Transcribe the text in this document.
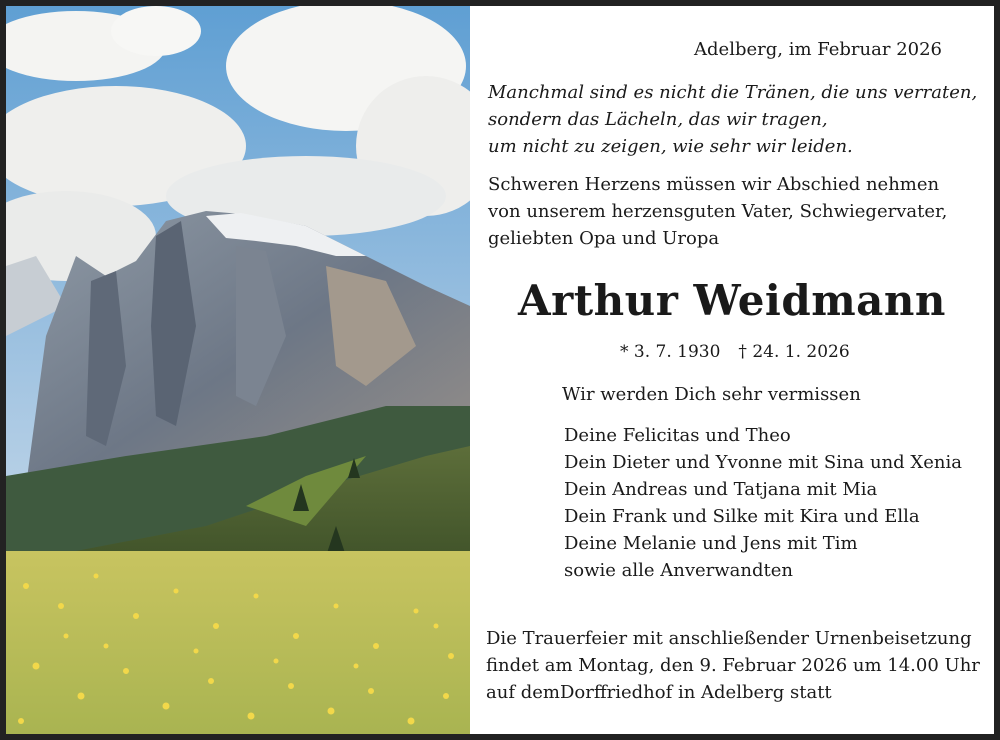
Adelberg, im Februar 2026
Manchmal sind es nicht die Tränen, die uns verraten,
sondern das Lächeln, das wir tragen,
um nicht zu zeigen, wie sehr wir leiden.
Schweren Herzens müssen wir Abschied nehmen
von unserem herzensguten Vater, Schwiegervater,
geliebten Opa und Uropa
Arthur Weidmann
* 3. 7. 1930 † 24. 1. 2026
Wir werden Dich sehr vermissen
Deine Felicitas und Theo
Dein Dieter und Yvonne mit Sina und Xenia
Dein Andreas und Tatjana mit Mia
Dein Frank und Silke mit Kira und Ella
Deine Melanie und Jens mit Tim
sowie alle Anverwandten
Die Trauerfeier mit anschließender Urnenbeisetzung
findet am Montag, den 9. Februar 2026 um 14.00 Uhr
auf demDorffriedhof in Adelberg statt
